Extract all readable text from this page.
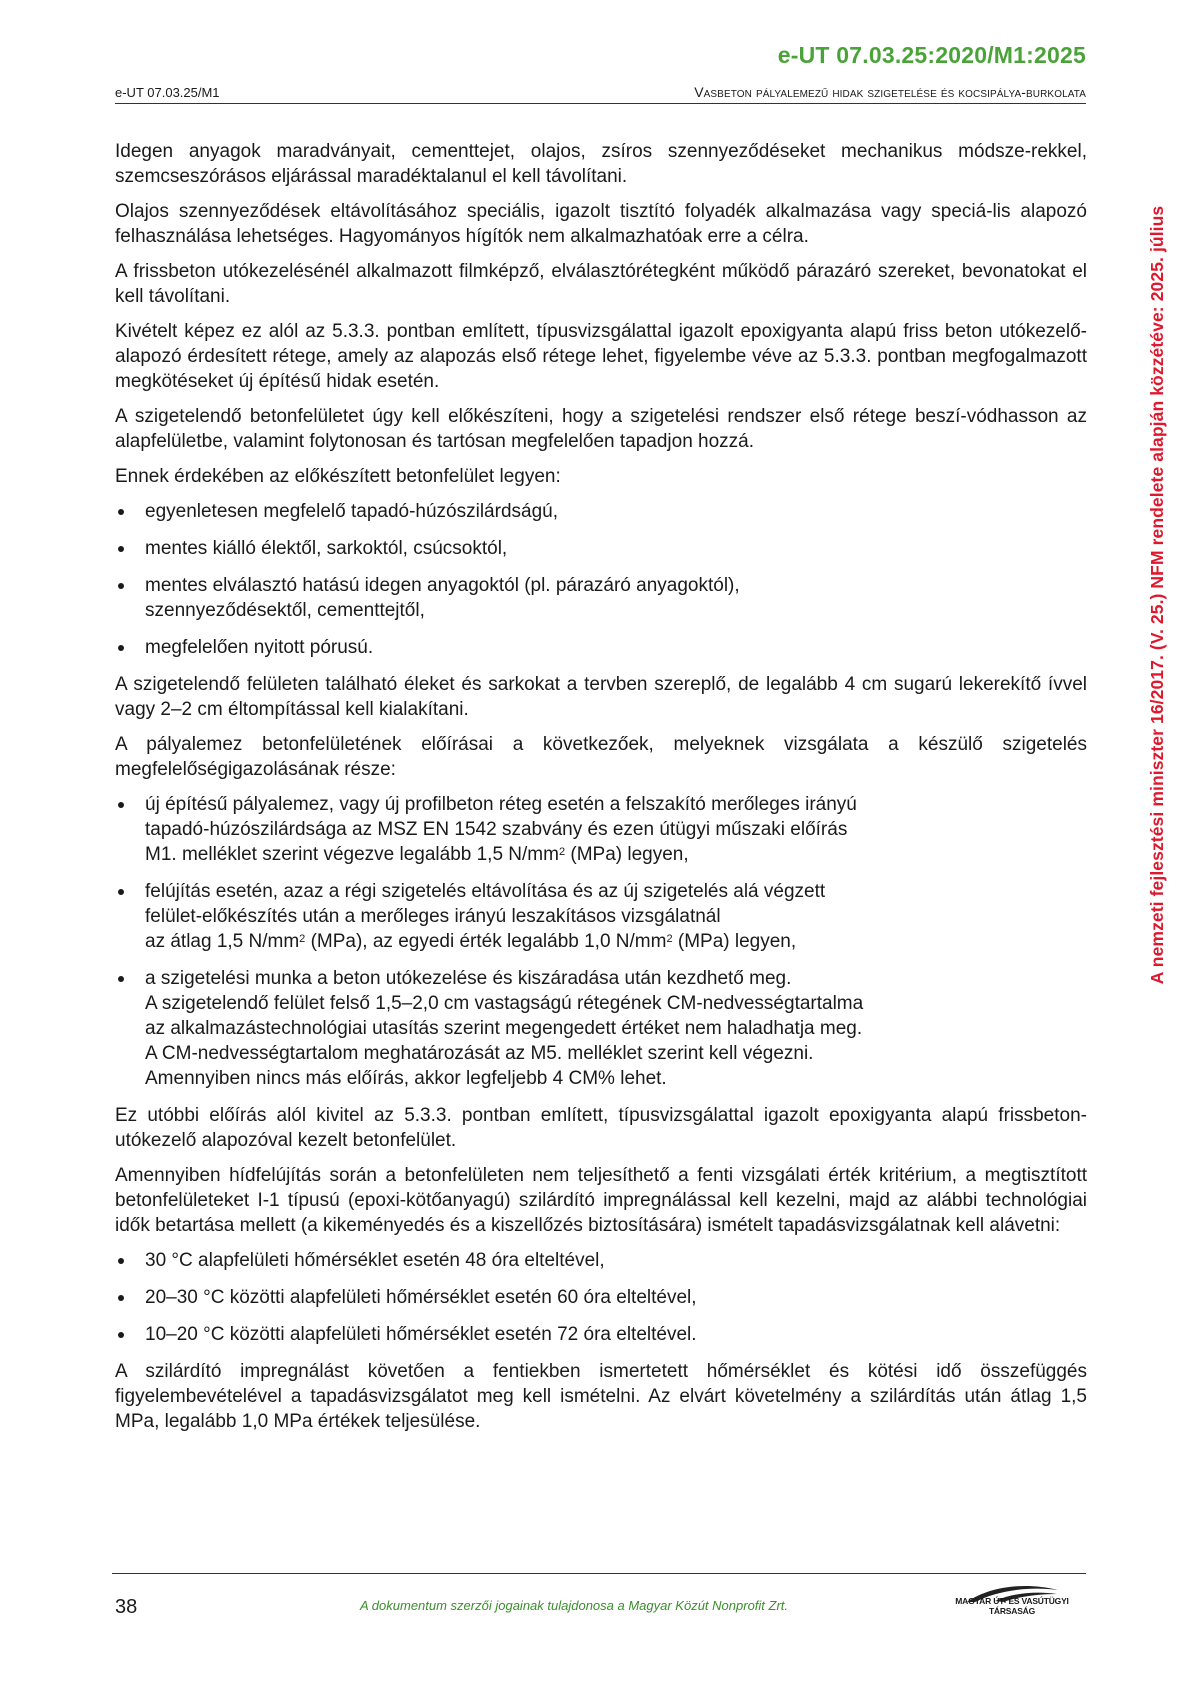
e-UT 07.03.25:2020/M1:2025
e-UT 07.03.25/M1	Vasbeton pályalemezű hidak szigetelése és kocsipálya-burkolata
A nemzeti fejlesztési miniszter 16/2017. (V. 25.) NFM rendelete alapján közzétéve: 2025. július

Idegen anyagok maradványait, cementtejet, olajos, zsíros szennyeződéseket mechanikus módsze-rekkel, szemcseszórásos eljárással maradéktalanul el kell távolítani.

Olajos szennyeződések eltávolításához speciális, igazolt tisztító folyadék alkalmazása vagy speciá-lis alapozó felhasználása lehetséges. Hagyományos hígítók nem alkalmazhatóak erre a célra.

A frissbeton utókezelésénél alkalmazott filmképző, elválasztórétegként működő párazáró szereket, bevonatokat el kell távolítani.

Kivételt képez ez alól az 5.3.3. pontban említett, típusvizsgálattal igazolt epoxigyanta alapú friss beton utókezelő-alapozó érdesített rétege, amely az alapozás első rétege lehet, figyelembe véve az 5.3.3. pontban megfogalmazott megkötéseket új építésű hidak esetén.

A szigetelendő betonfelületet úgy kell előkészíteni, hogy a szigetelési rendszer első rétege beszí-vódhasson az alapfelületbe, valamint folytonosan és tartósan megfelelően tapadjon hozzá.

Ennek érdekében az előkészített betonfelület legyen:

egyenletesen megfelelő tapadó-húzószilárdságú,
mentes kiálló élektől, sarkoktól, csúcsoktól,
mentes elválasztó hatású idegen anyagoktól (pl. párazáró anyagoktól), szennyeződésektől, cementtejtől,
megfelelően nyitott pórusú.

A szigetelendő felületen található éleket és sarkokat a tervben szereplő, de legalább 4 cm sugarú lekerekítő ívvel vagy 2–2 cm éltompítással kell kialakítani.

A pályalemez betonfelületének előírásai a következőek, melyeknek vizsgálata a készülő szigetelés megfelelőségigazolásának része:

új építésű pályalemez, vagy új profilbeton réteg esetén a felszakító merőleges irányú
tapadó-húzószilárdsága az MSZ EN 1542 szabvány és ezen útügyi műszaki előírás
M1. melléklet szerint végezve legalább 1,5 $N/mm^2$ (MPa) legyen,
felújítás esetén, azaz a régi szigetelés eltávolítása és az új szigetelés alá végzett
felület-előkészítés után a merőleges irányú leszakításos vizsgálatnál
az átlag 1,5 $N/mm^2$ (MPa), az egyedi érték legalább 1,0 $N/mm^2$ (MPa) legyen,
a szigetelési munka a beton utókezelése és kiszáradása után kezdhető meg.
A szigetelendő felület felső 1,5–2,0 cm vastagságú rétegének CM-nedvességtartalma
az alkalmazástechnológiai utasítás szerint megengedett értéket nem haladhatja meg.
A CM-nedvességtartalom meghatározását az M5. melléklet szerint kell végezni.
Amennyiben nincs más előírás, akkor legfeljebb 4 CM% lehet.

Ez utóbbi előírás alól kivitel az 5.3.3. pontban említett, típusvizsgálattal igazolt epoxigyanta alapú frissbeton-utókezelő alapozóval kezelt betonfelület.

Amennyiben hídfelújítás során a betonfelületen nem teljesíthető a fenti vizsgálati érték kritérium, a megtisztított betonfelületeket I-1 típusú (epoxi-kötőanyagú) szilárdító impregnálással kell kezelni, majd az alábbi technológiai idők betartása mellett (a kikeményedés és a kiszellőzés biztosítására) ismételt tapadásvizsgálatnak kell alávetni:

30 °C alapfelületi hőmérséklet esetén 48 óra elteltével,
20–30 °C közötti alapfelületi hőmérséklet esetén 60 óra elteltével,
10–20 °C közötti alapfelületi hőmérséklet esetén 72 óra elteltével.

A szilárdító impregnálást követően a fentiekben ismertetett hőmérséklet és kötési idő összefüggés figyelembevételével a tapadásvizsgálatot meg kell ismételni. Az elvárt követelmény a szilárdítás után átlag 1,5 MPa, legalább 1,0 MPa értékek teljesülése.

38	A dokumentum szerzői jogainak tulajdonosa a Magyar Közút Nonprofit Zrt.	MAGYAR ÚT- ÉS VASÚTÜGYI TÁRSASÁG
